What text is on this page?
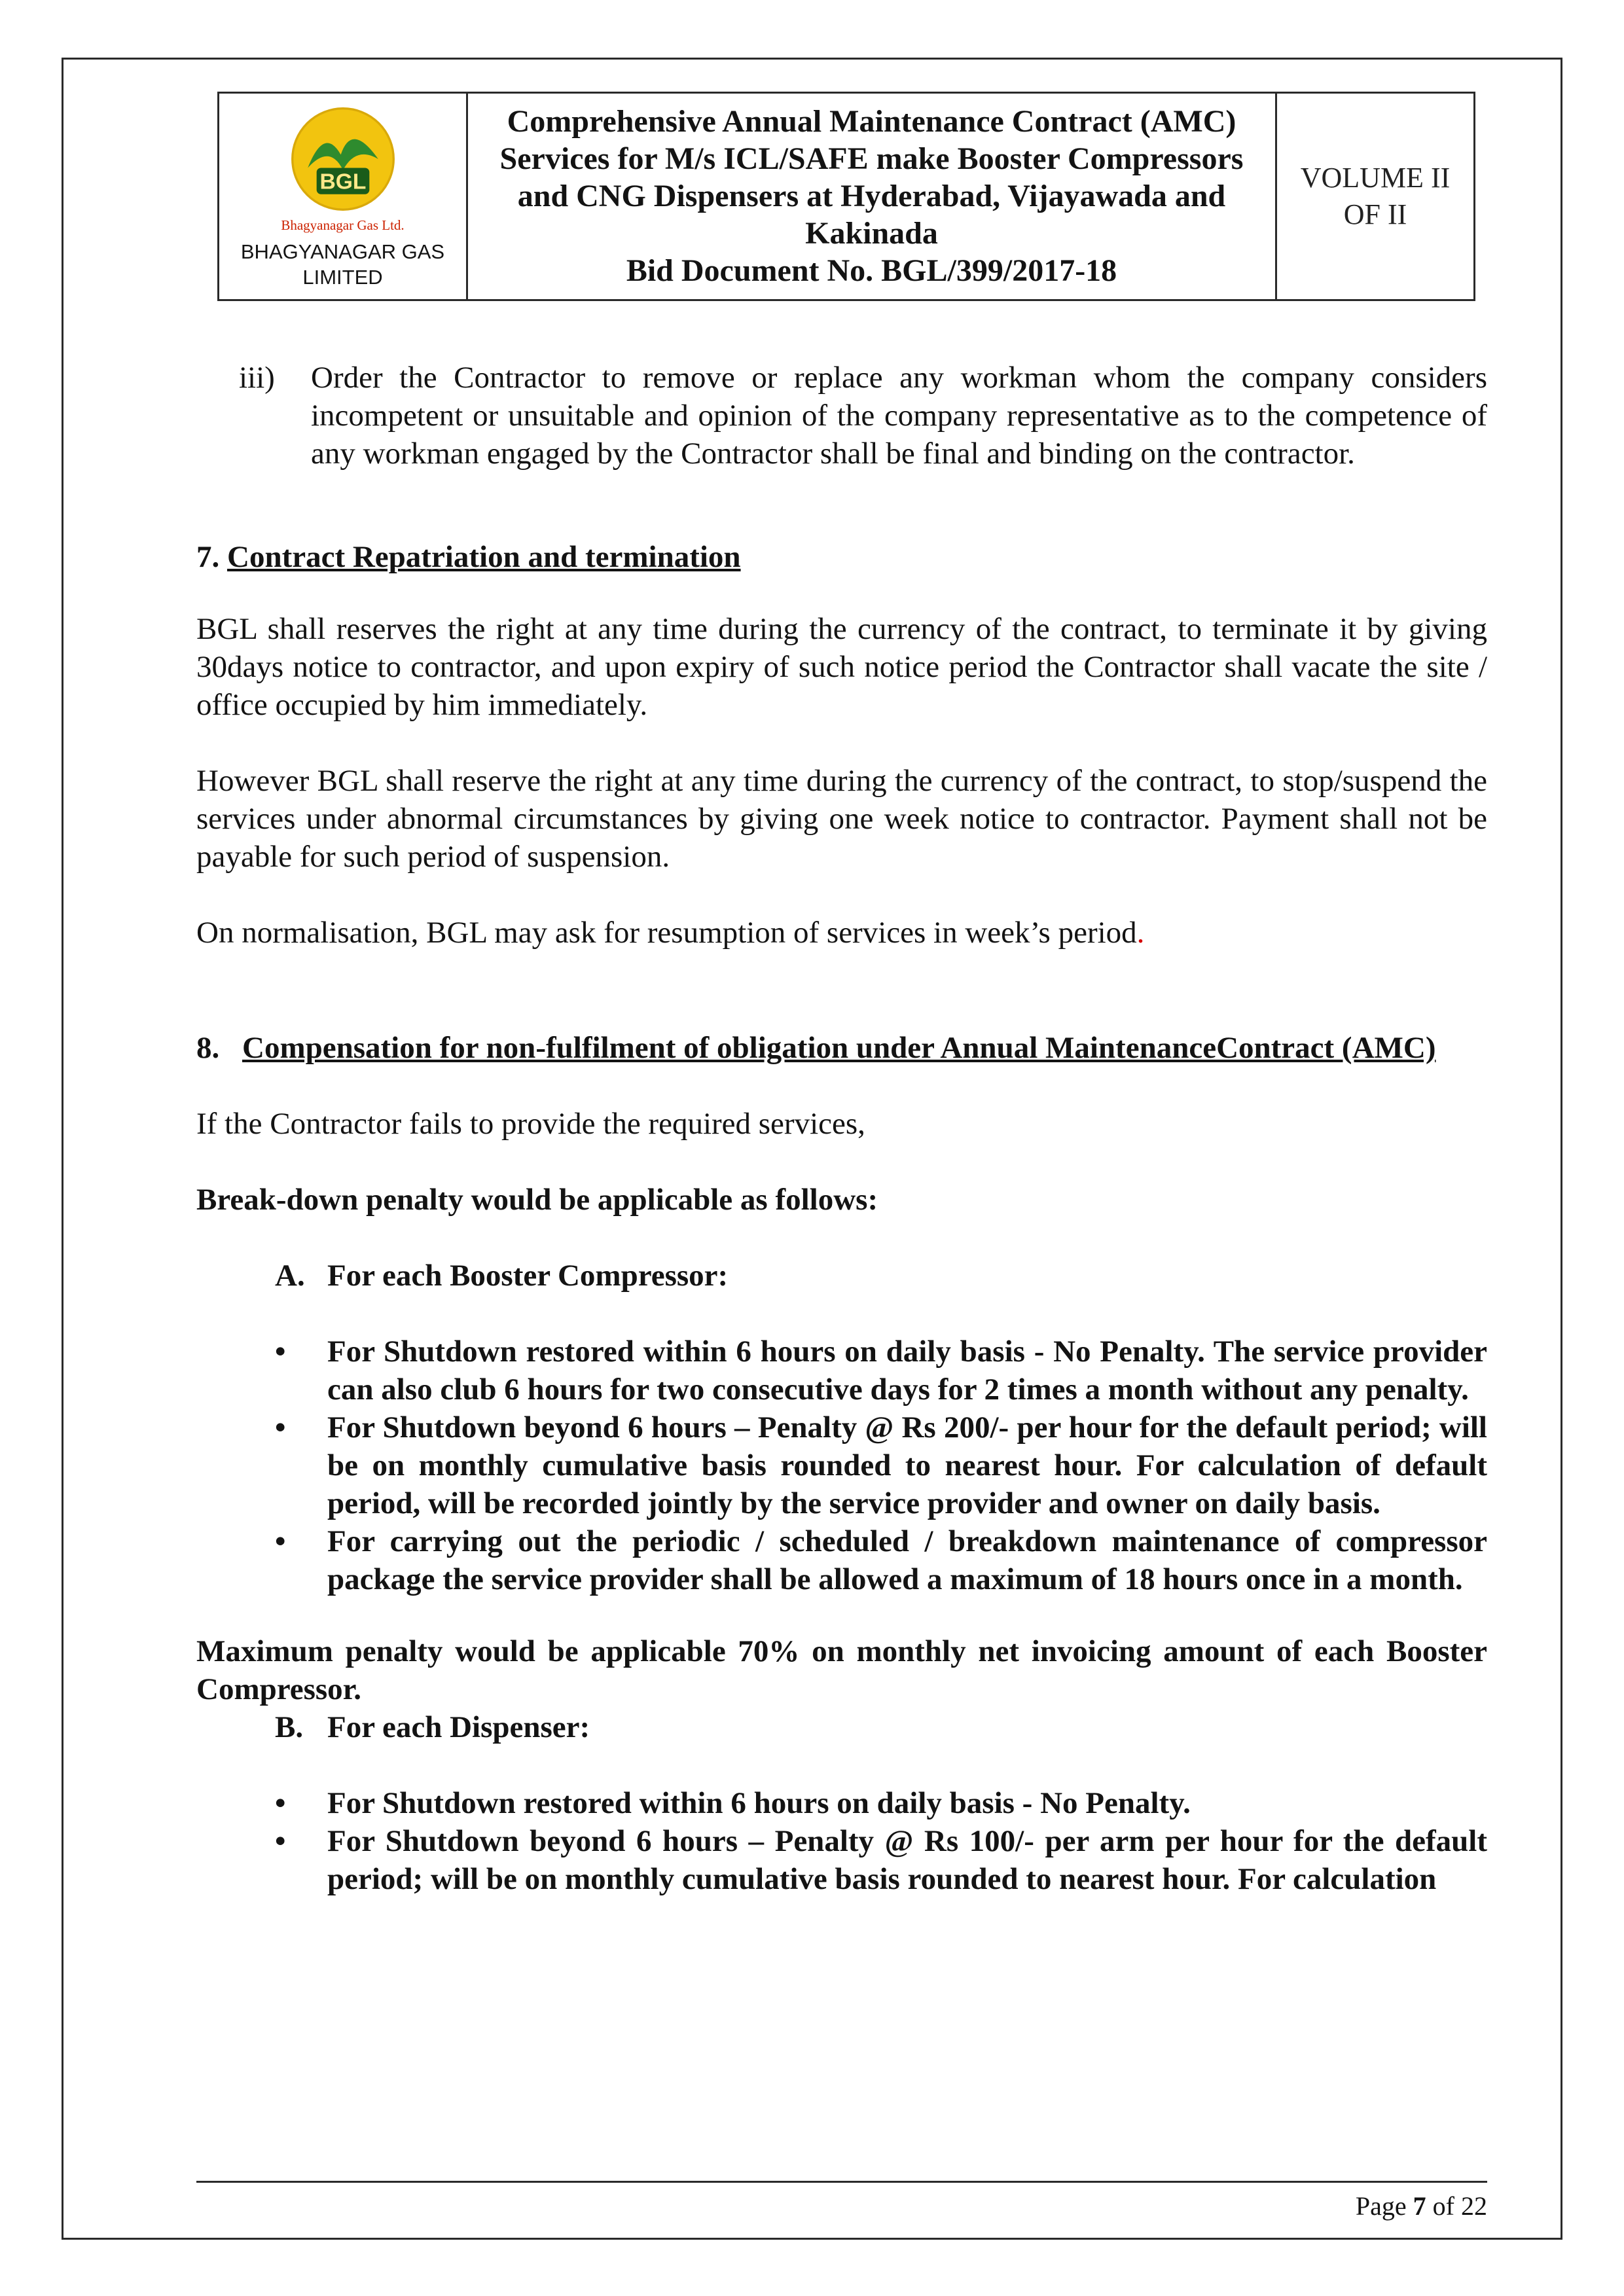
BGL
Bhagyanagar Gas Ltd.
BHAGYANAGAR GAS
LIMITED
Comprehensive Annual Maintenance Contract (AMC) Services for M/s ICL/SAFE make Booster Compressors and CNG Dispensers at Hyderabad, Vijayawada and Kakinada
Bid Document No. BGL/399/2017-18
VOLUME II
OF II
iii)	Order the Contractor to remove or replace any workman whom the company considers incompetent or unsuitable and opinion of the company representative as to the competence of any workman engaged by the Contractor shall be final and binding on the contractor.
7. Contract Repatriation and termination

BGL shall reserves the right at any time during the currency of the contract, to terminate it by giving 30days notice to contractor, and upon expiry of such notice period the Contractor shall vacate the site / office occupied by him immediately.

However BGL shall reserve the right at any time during the currency of the contract, to stop/suspend the services under abnormal circumstances by giving one week notice to contractor. Payment shall not be payable for such period of suspension.

On normalisation, BGL may ask for resumption of services in week’s period.

8. Compensation for non-fulfilment of obligation under Annual MaintenanceContract (AMC)

If the Contractor fails to provide the required services,

Break-down penalty would be applicable as follows:

A. For each Booster Compressor:
•	For Shutdown restored within 6 hours on daily basis - No Penalty. The service provider can also club 6 hours for two consecutive days for 2 times a month without any penalty.
•	For Shutdown beyond 6 hours – Penalty @ Rs 200/- per hour for the default period; will be on monthly cumulative basis rounded to nearest hour. For calculation of default period, will be recorded jointly by the service provider and owner on daily basis.
•	For carrying out the periodic / scheduled / breakdown maintenance of compressor package the service provider shall be allowed a maximum of 18 hours once in a month.

Maximum penalty would be applicable 70% on monthly net invoicing amount of each Booster Compressor.

B. For each Dispenser:
•	For Shutdown restored within 6 hours on daily basis - No Penalty.
•	For Shutdown beyond 6 hours – Penalty @ Rs 100/- per arm per hour for the default period; will be on monthly cumulative basis rounded to nearest hour. For calculation
Page 7 of 22
